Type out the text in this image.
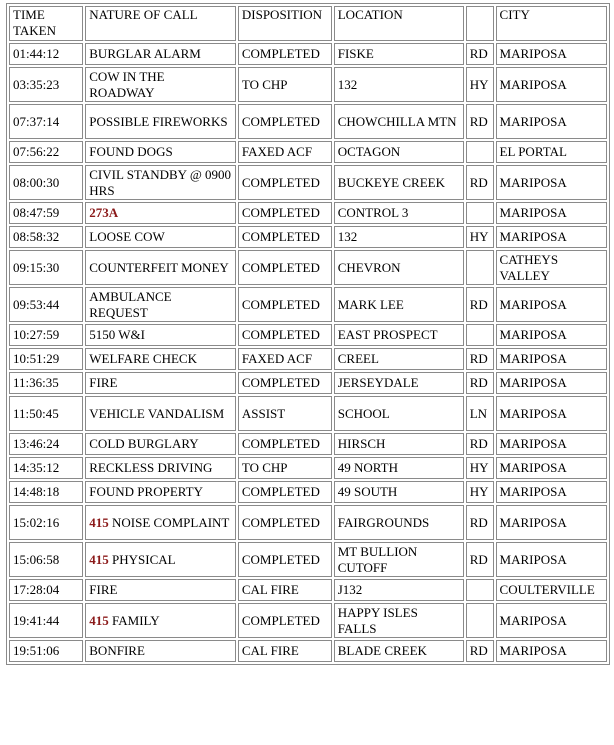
TIME TAKEN	NATURE OF CALL	DISPOSITION	LOCATION		CITY
01:44:12	BURGLAR ALARM	COMPLETED	FISKE	RD	MARIPOSA
03:35:23	COW IN THE ROADWAY	TO CHP	132	HY	MARIPOSA
07:37:14	POSSIBLE FIREWORKS	COMPLETED	CHOWCHILLA MTN	RD	MARIPOSA
07:56:22	FOUND DOGS	FAXED ACF	OCTAGON		EL PORTAL
08:00:30	CIVIL STANDBY @ 0900 HRS	COMPLETED	BUCKEYE CREEK	RD	MARIPOSA
08:47:59	273A	COMPLETED	CONTROL 3		MARIPOSA
08:58:32	LOOSE COW	COMPLETED	132	HY	MARIPOSA
09:15:30	COUNTERFEIT MONEY	COMPLETED	CHEVRON		CATHEYS VALLEY
09:53:44	AMBULANCE REQUEST	COMPLETED	MARK LEE	RD	MARIPOSA
10:27:59	5150 W&I	COMPLETED	EAST PROSPECT		MARIPOSA
10:51:29	WELFARE CHECK	FAXED ACF	CREEL	RD	MARIPOSA
11:36:35	FIRE	COMPLETED	JERSEYDALE	RD	MARIPOSA
11:50:45	VEHICLE VANDALISM	ASSIST	SCHOOL	LN	MARIPOSA
13:46:24	COLD BURGLARY	COMPLETED	HIRSCH	RD	MARIPOSA
14:35:12	RECKLESS DRIVING	TO CHP	49 NORTH	HY	MARIPOSA
14:48:18	FOUND PROPERTY	COMPLETED	49 SOUTH	HY	MARIPOSA
15:02:16	415 NOISE COMPLAINT	COMPLETED	FAIRGROUNDS	RD	MARIPOSA
15:06:58	415 PHYSICAL	COMPLETED	MT BULLION CUTOFF	RD	MARIPOSA
17:28:04	FIRE	CAL FIRE	J132		COULTERVILLE
19:41:44	415 FAMILY	COMPLETED	HAPPY ISLES FALLS		MARIPOSA
19:51:06	BONFIRE	CAL FIRE	BLADE CREEK	RD	MARIPOSA
